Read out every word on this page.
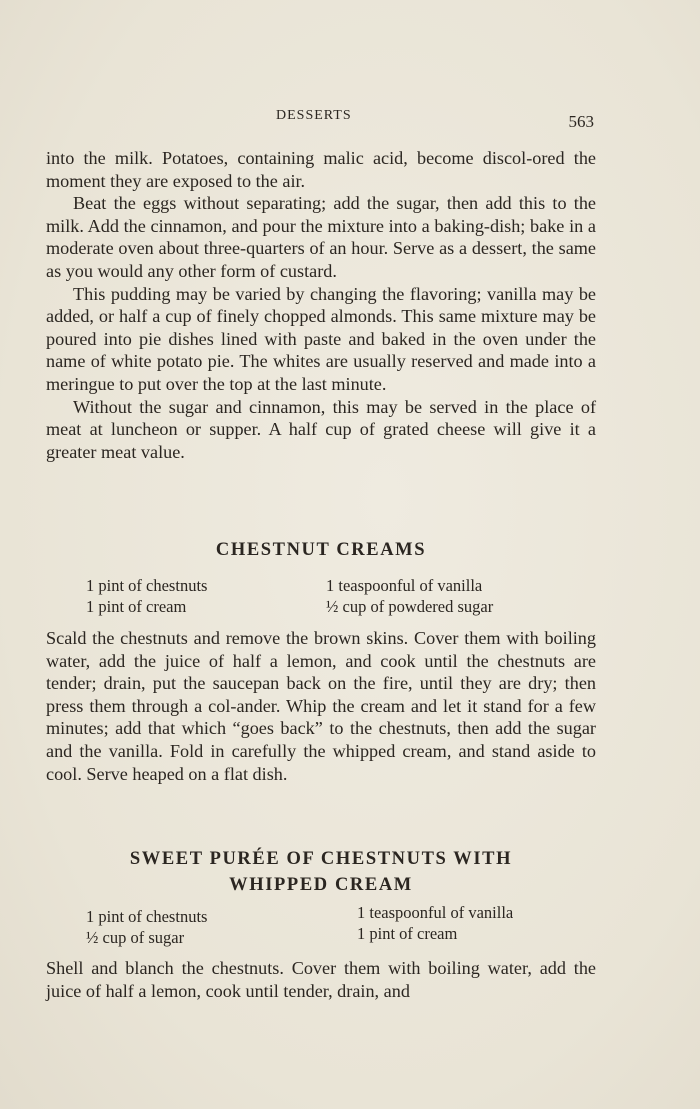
DESSERTS	563

into the milk. Potatoes, containing malic acid, become discol-ored the moment they are exposed to the air.

Beat the eggs without separating; add the sugar, then add this to the milk. Add the cinnamon, and pour the mixture into a baking-dish; bake in a moderate oven about three-quarters of an hour. Serve as a dessert, the same as you would any other form of custard.

This pudding may be varied by changing the flavoring; vanilla may be added, or half a cup of finely chopped almonds. This same mixture may be poured into pie dishes lined with paste and baked in the oven under the name of white potato pie. The whites are usually reserved and made into a meringue to put over the top at the last minute.

Without the sugar and cinnamon, this may be served in the place of meat at luncheon or supper. A half cup of grated cheese will give it a greater meat value.

CHESTNUT CREAMS
1 pint of chestnuts
1 pint of cream
1 teaspoonful of vanilla
½ cup of powdered sugar

Scald the chestnuts and remove the brown skins. Cover them with boiling water, add the juice of half a lemon, and cook until the chestnuts are tender; drain, put the saucepan back on the fire, until they are dry; then press them through a col-ander. Whip the cream and let it stand for a few minutes; add that which “goes back” to the chestnuts, then add the sugar and the vanilla. Fold in carefully the whipped cream, and stand aside to cool. Serve heaped on a flat dish.

SWEET PURÉE OF CHESTNUTS WITH
WHIPPED CREAM
1 pint of chestnuts
½ cup of sugar
1 teaspoonful of vanilla
1 pint of cream

Shell and blanch the chestnuts. Cover them with boiling water, add the juice of half a lemon, cook until tender, drain, and
